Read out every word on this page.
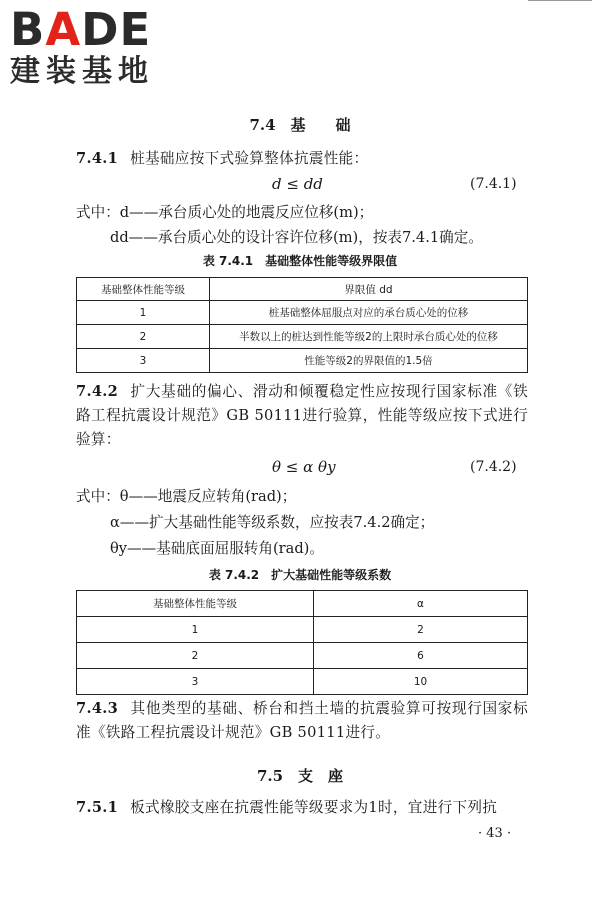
BADE
建装基地
7.4　基　　础
7.4.1 桩基础应按下式验算整体抗震性能：
d ≤ dd	(7.4.1)
式中：d——承台质心处的地震反应位移(m)；
dd——承台质心处的设计容许位移(m)，按表7.4.1确定。
表 7.4.1　基础整体性能等级界限值
基础整体性能等级	界限值 dd
1	桩基础整体屈服点对应的承台质心处的位移
2	半数以上的桩达到性能等级2的上限时承台质心处的位移
3	性能等级2的界限值的1.5倍
7.4.2 扩大基础的偏心、滑动和倾覆稳定性应按现行国家标准《铁路工程抗震设计规范》GB 50111进行验算，性能等级应按下式进行验算：
θ ≤ α θy	(7.4.2)
式中：θ——地震反应转角(rad)；
α——扩大基础性能等级系数，应按表7.4.2确定；
θy——基础底面屈服转角(rad)。
表 7.4.2　扩大基础性能等级系数
基础整体性能等级	α
1	2
2	6
3	10
7.4.3 其他类型的基础、桥台和挡土墙的抗震验算可按现行国家标准《铁路工程抗震设计规范》GB 50111进行。
7.5　支　座
7.5.1 板式橡胶支座在抗震性能等级要求为1时，宜进行下列抗
· 43 ·
